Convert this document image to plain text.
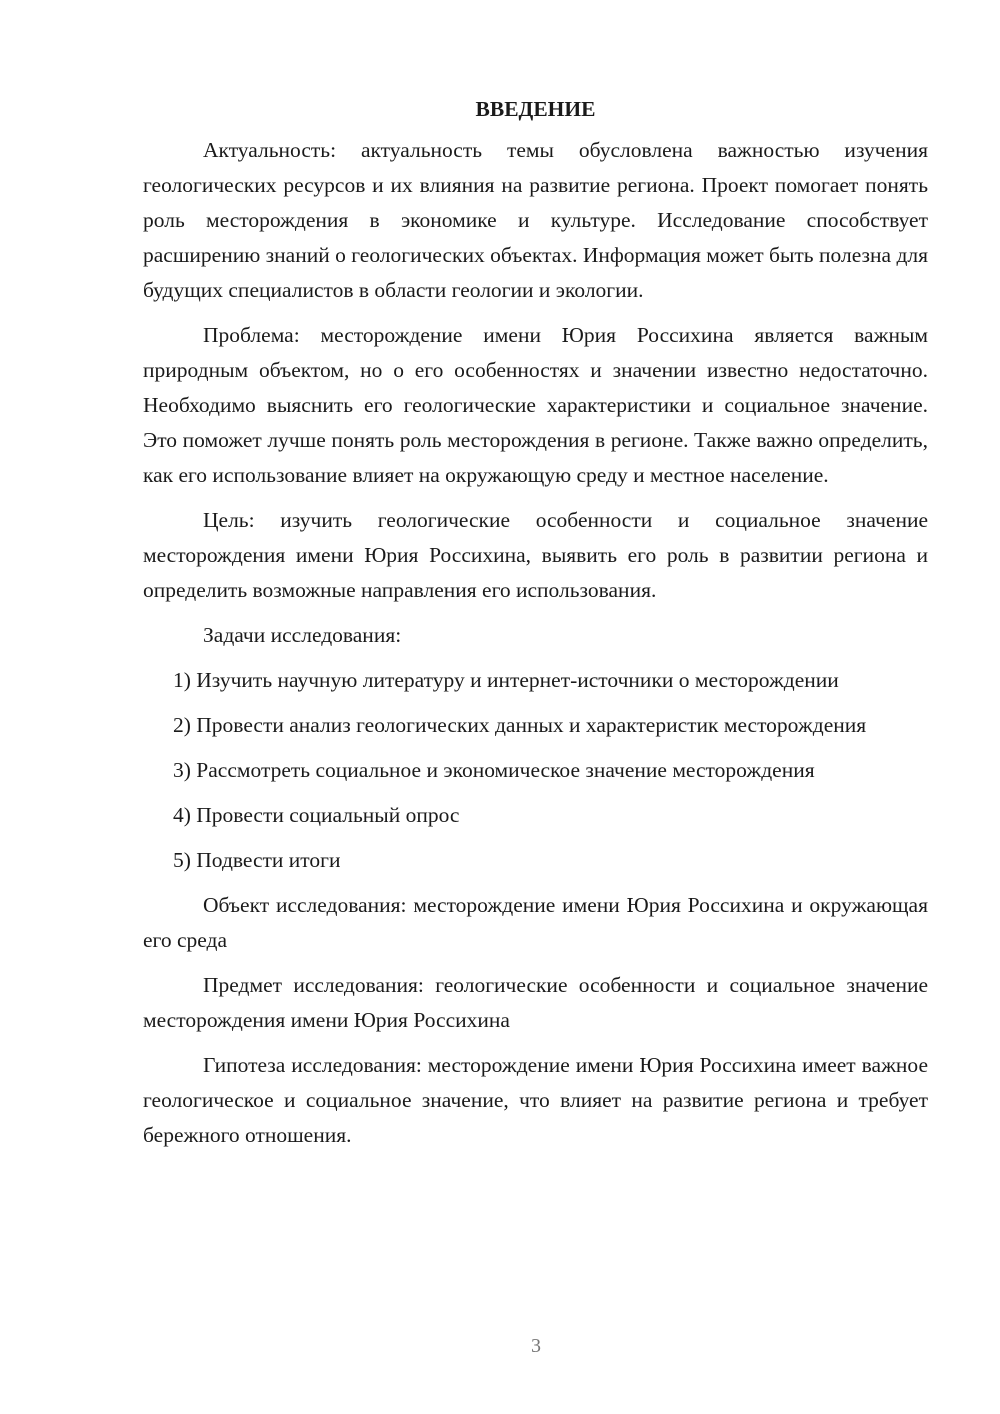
ВВЕДЕНИЕ

Актуальность: актуальность темы обусловлена важностью изучения геологических ресурсов и их влияния на развитие региона. Проект помогает понять роль месторождения в экономике и культуре. Исследование способствует расширению знаний о геологических объектах. Информация может быть полезна для будущих специалистов в области геологии и экологии.

Проблема: месторождение имени Юрия Россихина является важным природным объектом, но о его особенностях и значении известно недостаточно. Необходимо выяснить его геологические характеристики и социальное значение. Это поможет лучше понять роль месторождения в регионе. Также важно определить, как его использование влияет на окружающую среду и местное население.

Цель: изучить геологические особенности и социальное значение месторождения имени Юрия Россихина, выявить его роль в развитии региона и определить возможные направления его использования.

Задачи исследования:

1) Изучить научную литературу и интернет-источники о месторождении

2) Провести анализ геологических данных и характеристик месторождения

3) Рассмотреть социальное и экономическое значение месторождения

4) Провести социальный опрос

5) Подвести итоги

Объект исследования: месторождение имени Юрия Россихина и окружающая его среда

Предмет исследования: геологические особенности и социальное значение месторождения имени Юрия Россихина

Гипотеза исследования: месторождение имени Юрия Россихина имеет важное геологическое и социальное значение, что влияет на развитие региона и требует бережного отношения.

3
